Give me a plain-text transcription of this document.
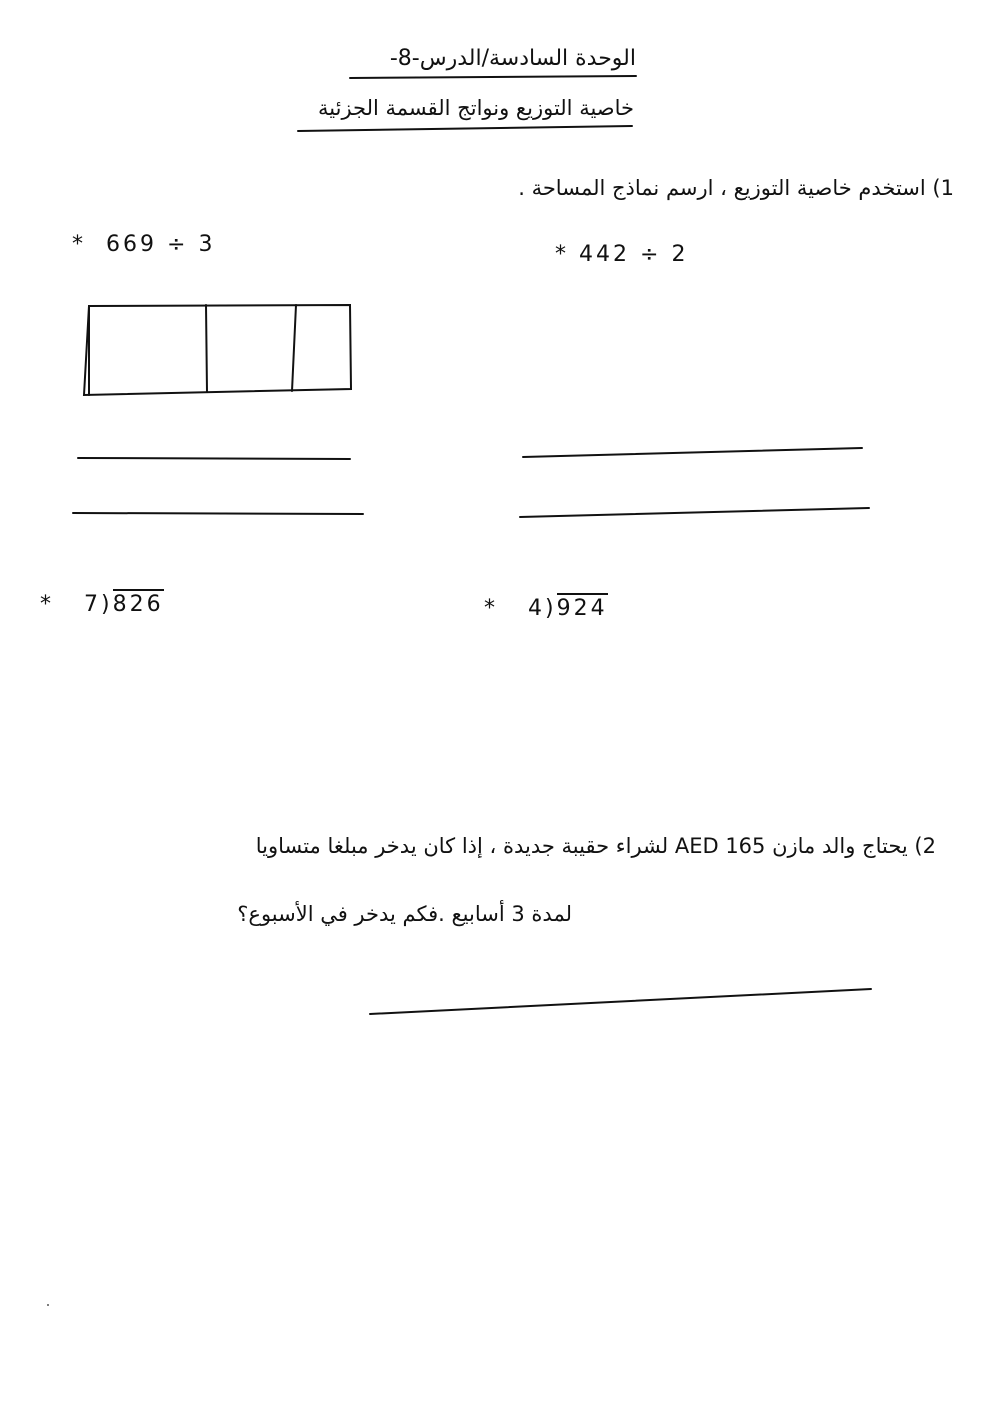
الوحدة السادسة/الدرس-8-
خاصية التوزيع ونواتج القسمة الجزئية
1) استخدم خاصية التوزيع ، ارسم نماذج المساحة .
* 669 ÷ 3	* 442 ÷ 2
* 7)826	* 4)924
2) يحتاج والد مازن AED 165 لشراء حقيبة جديدة ، إذا كان يدخر مبلغا متساويا
لمدة 3 أسابيع .فكم يدخر في الأسبوع؟
